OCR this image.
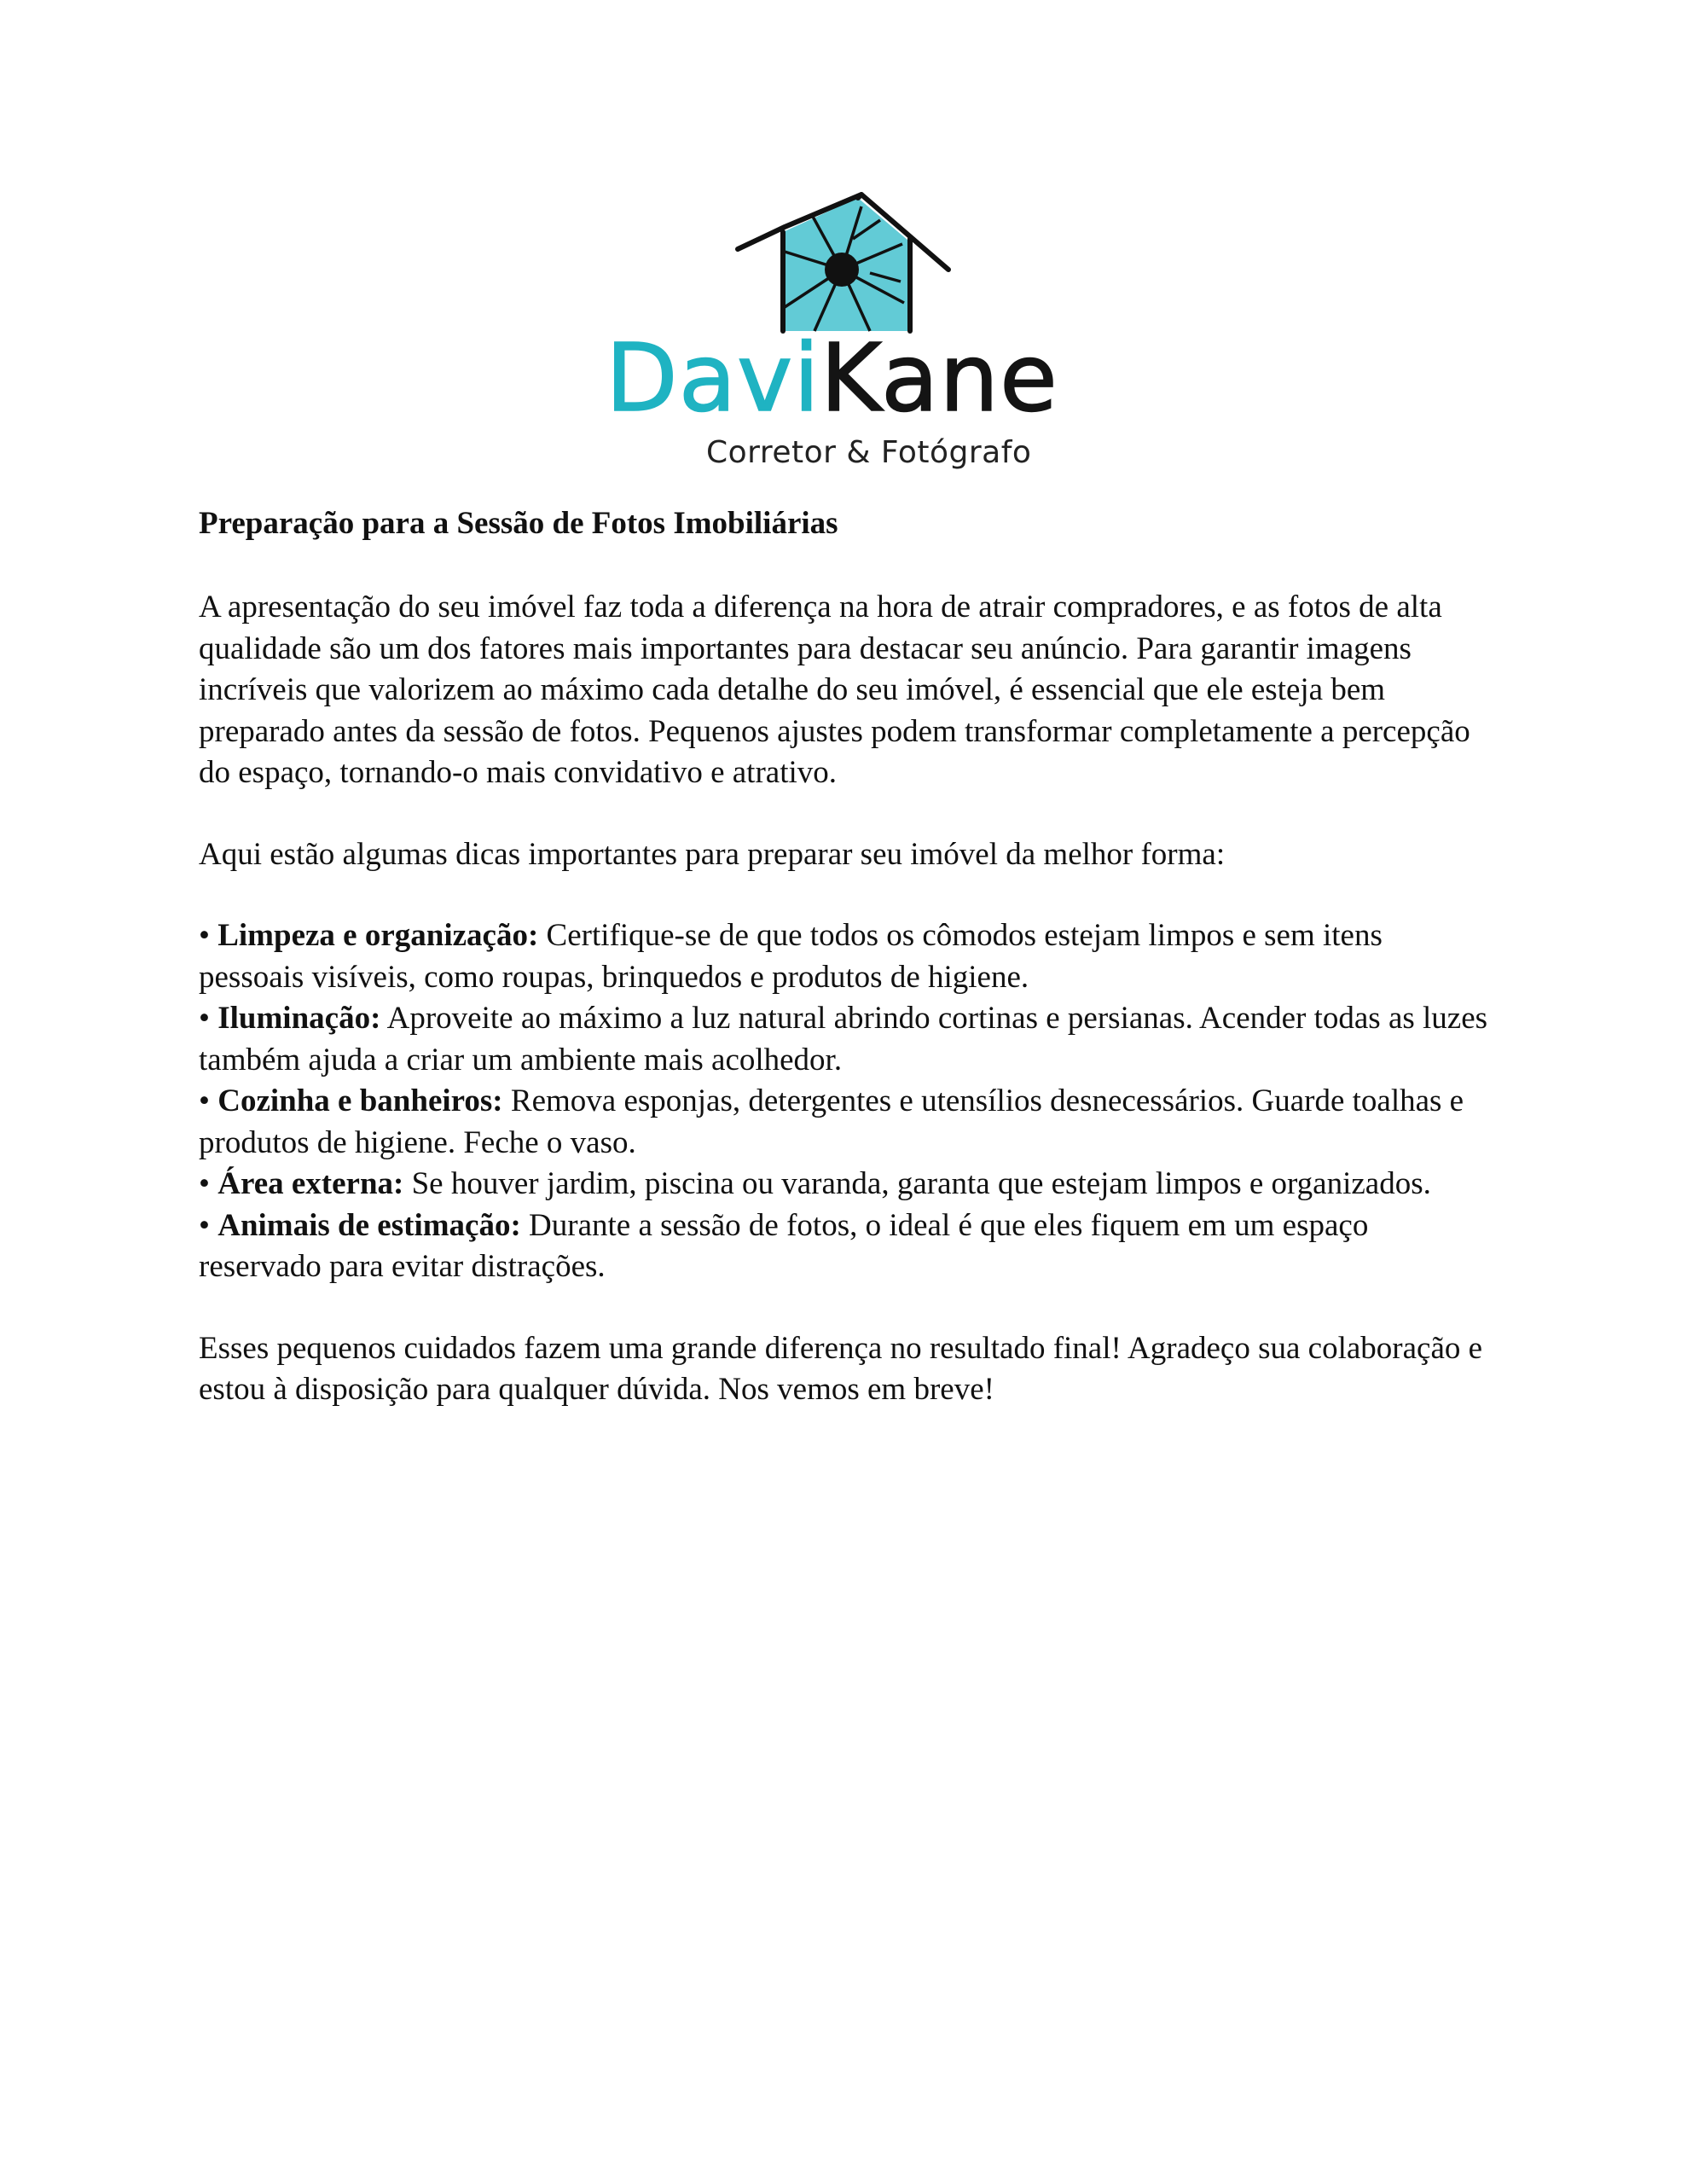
DaviKane
Corretor & Fotógrafo
Preparação para a Sessão de Fotos Imobiliárias

A apresentação do seu imóvel faz toda a diferença na hora de atrair compradores, e as fotos de alta qualidade são um dos fatores mais importantes para destacar seu anúncio. Para garantir imagens incríveis que valorizem ao máximo cada detalhe do seu imóvel, é essencial que ele esteja bem preparado antes da sessão de fotos. Pequenos ajustes podem transformar completamente a percepção do espaço, tornando-o mais convidativo e atrativo.

Aqui estão algumas dicas importantes para preparar seu imóvel da melhor forma:

• Limpeza e organização: Certifique-se de que todos os cômodos estejam limpos e sem itens pessoais visíveis, como roupas, brinquedos e produtos de higiene.
• Iluminação: Aproveite ao máximo a luz natural abrindo cortinas e persianas. Acender todas as luzes também ajuda a criar um ambiente mais acolhedor.
• Cozinha e banheiros: Remova esponjas, detergentes e utensílios desnecessários. Guarde toalhas e produtos de higiene. Feche o vaso.
• Área externa: Se houver jardim, piscina ou varanda, garanta que estejam limpos e organizados.
• Animais de estimação: Durante a sessão de fotos, o ideal é que eles fiquem em um espaço reservado para evitar distrações.

Esses pequenos cuidados fazem uma grande diferença no resultado final! Agradeço sua colaboração e estou à disposição para qualquer dúvida. Nos vemos em breve!
